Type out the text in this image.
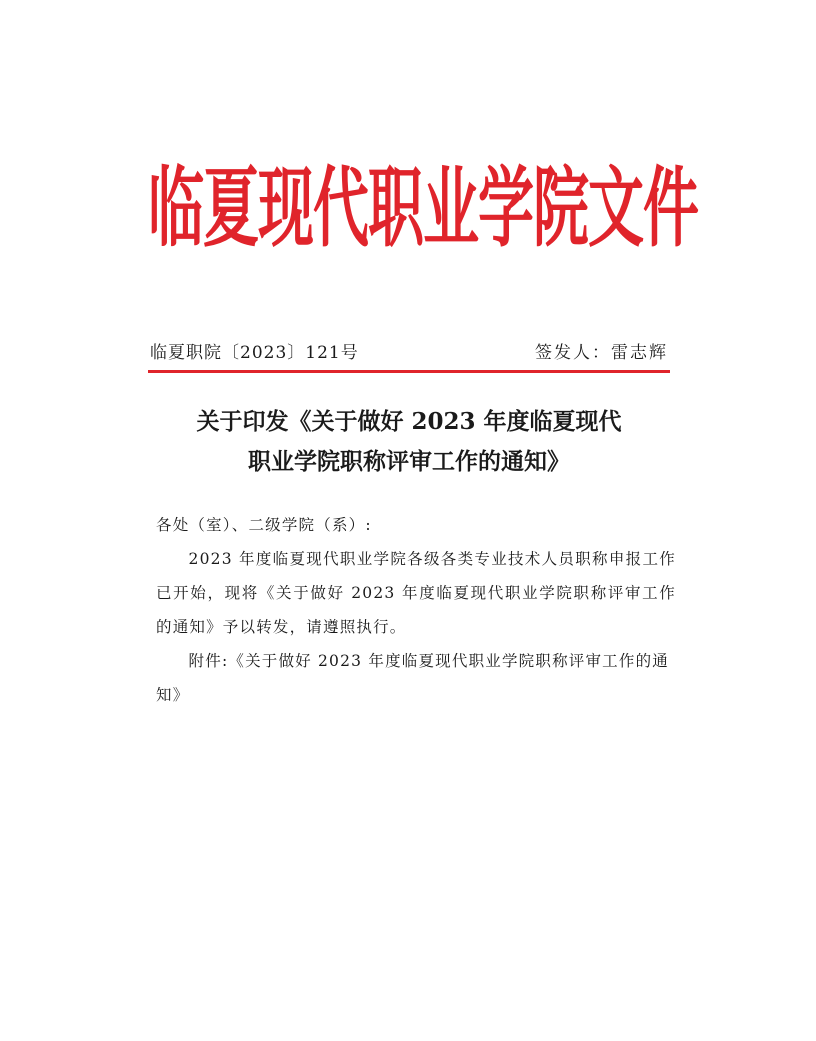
临夏现代职业学院文件
临夏职院〔2023〕121号	签发人：雷志辉
关于印发《关于做好 2023 年度临夏现代
职业学院职称评审工作的通知》
各处（室）、二级学院（系）:

2023 年度临夏现代职业学院各级各类专业技术人员职称申报工作已开始，现将《关于做好 2023 年度临夏现代职业学院职称评审工作的通知》予以转发，请遵照执行。

附件:《关于做好 2023 年度临夏现代职业学院职称评审工作的通知》
